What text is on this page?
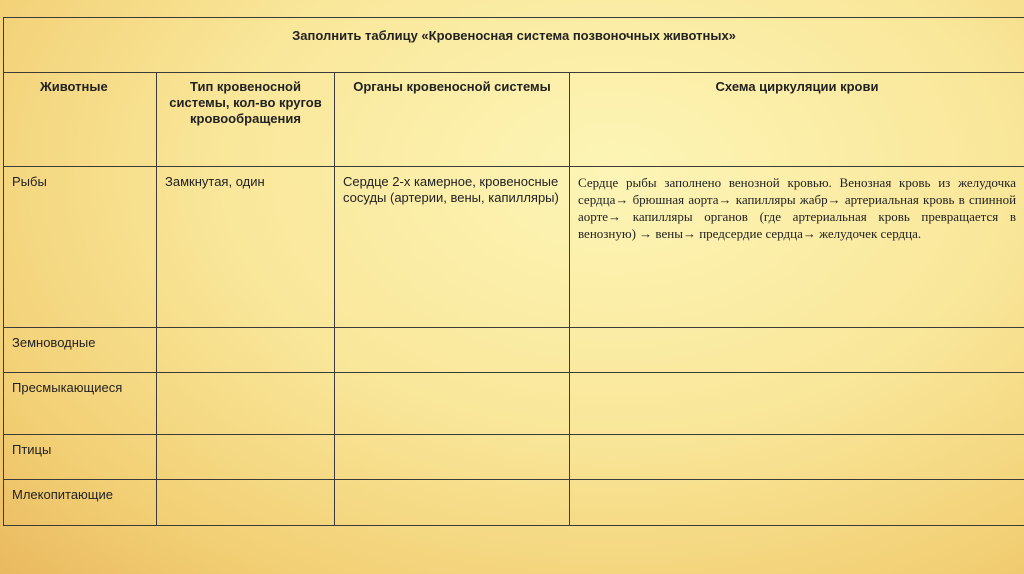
Заполнить таблицу «Кровеносная система позвоночных животных»			

Животные	Тип кровеносной системы, кол-во кругов кровообращения	Органы кровеносной системы	Схема циркуляции крови

Рыбы	Замкнутая, один	Сердце 2-х камерное, кровеносные сосуды (артерии, вены, капилляры)	Сердце рыбы заполнено венозной кровью. Венозная кровь из желудочка сердца→ брюшная аорта→ капилляры жабр→ артериальная кровь в спинной аорте→ капилляры органов (где артериальная кровь превращается в венозную) → вены→ предсердие сердца→ желудочек сердца.

Земноводные			

Пресмыкающиеся			

Птицы			

Млекопитающие			
